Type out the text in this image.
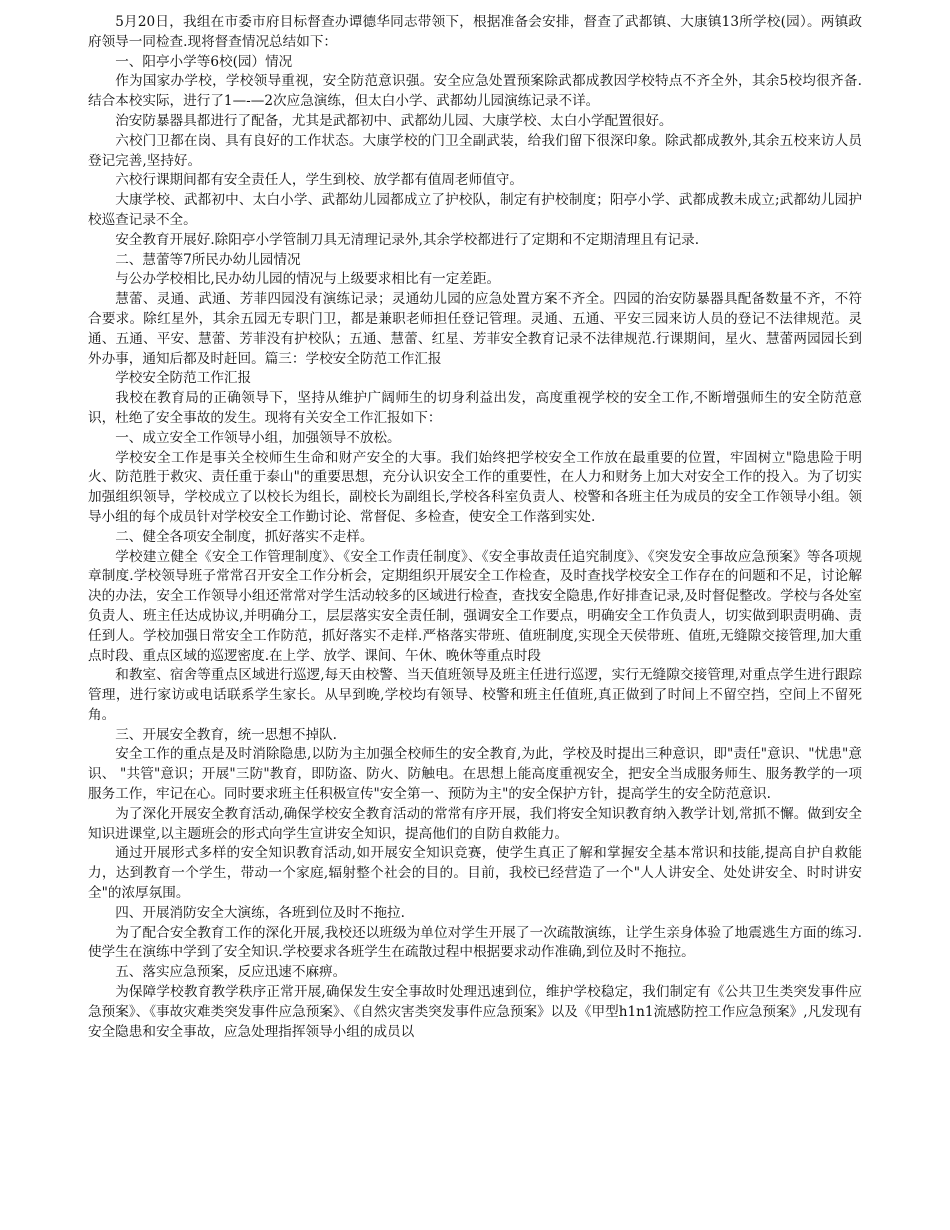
5月20日，我组在市委市府目标督查办谭德华同志带领下，根据准备会安排，督查了武都镇、大康镇13所学校(园）。两镇政府领导一同检查.现将督查情况总结如下：

一、阳亭小学等6校(园）情况

作为国家办学校，学校领导重视，安全防范意识强。安全应急处置预案除武都成教因学校特点不齐全外，其余5校均很齐备.结合本校实际，进行了1—-—2次应急演练，但太白小学、武都幼儿园演练记录不详。

治安防暴器具都进行了配备，尤其是武都初中、武都幼儿园、大康学校、太白小学配置很好。

六校门卫都在岗、具有良好的工作状态。大康学校的门卫全副武装，给我们留下很深印象。除武都成教外,其余五校来访人员登记完善,坚持好。

六校行课期间都有安全责任人，学生到校、放学都有值周老师值守。

大康学校、武都初中、太白小学、武都幼儿园都成立了护校队，制定有护校制度；阳亭小学、武都成教未成立;武都幼儿园护校巡查记录不全。

安全教育开展好.除阳亭小学管制刀具无清理记录外,其余学校都进行了定期和不定期清理且有记录.

二、慧蕾等7所民办幼儿园情况

与公办学校相比,民办幼儿园的情况与上级要求相比有一定差距。

慧蕾、灵通、武通、芳菲四园没有演练记录；灵通幼儿园的应急处置方案不齐全。四园的治安防暴器具配备数量不齐，不符合要求。除红星外，其余五园无专职门卫，都是兼职老师担任登记管理。灵通、五通、平安三园来访人员的登记不法律规范。灵通、五通、平安、慧蕾、芳菲没有护校队；五通、慧蕾、红星、芳菲安全教育记录不法律规范.行课期间，星火、慧蕾两园园长到外办事，通知后都及时赶回。篇三：学校安全防范工作汇报

学校安全防范工作汇报

我校在教育局的正确领导下，坚持从维护广阔师生的切身利益出发，高度重视学校的安全工作,不断增强师生的安全防范意识，杜绝了安全事故的发生。现将有关安全工作汇报如下：

一、成立安全工作领导小组，加强领导不放松。

学校安全工作是事关全校师生生命和财产安全的大事。我们始终把学校安全工作放在最重要的位置，牢固树立"隐患险于明火、防范胜于救灾、责任重于泰山"的重要思想，充分认识安全工作的重要性，在人力和财务上加大对安全工作的投入。为了切实加强组织领导，学校成立了以校长为组长，副校长为副组长,学校各科室负责人、校警和各班主任为成员的安全工作领导小组。领导小组的每个成员针对学校安全工作勤讨论、常督促、多检查，使安全工作落到实处.

二、健全各项安全制度，抓好落实不走样。

学校建立健全《安全工作管理制度》、《安全工作责任制度》、《安全事故责任追究制度》、《突发安全事故应急预案》等各项规章制度.学校领导班子常常召开安全工作分析会，定期组织开展安全工作检查，及时查找学校安全工作存在的问题和不足，讨论解决的办法，安全工作领导小组还常常对学生活动较多的区域进行检查，查找安全隐患,作好排查记录,及时督促整改。学校与各处室负责人、班主任达成协议,并明确分工，层层落实安全责任制，强调安全工作要点，明确安全工作负责人，切实做到职责明确、责任到人。学校加强日常安全工作防范，抓好落实不走样.严格落实带班、值班制度,实现全天侯带班、值班,无缝隙交接管理,加大重点时段、重点区域的巡逻密度.在上学、放学、课间、午休、晚休等重点时段

和教室、宿舍等重点区域进行巡逻,每天由校警、当天值班领导及班主任进行巡逻，实行无缝隙交接管理,对重点学生进行跟踪管理，进行家访或电话联系学生家长。从早到晚,学校均有领导、校警和班主任值班,真正做到了时间上不留空挡，空间上不留死角。

三、开展安全教育，统一思想不掉队.

安全工作的重点是及时消除隐患,以防为主加强全校师生的安全教育,为此，学校及时提出三种意识，即"责任"意识、"忧患"意识、 "共管"意识；开展"三防"教育，即防盗、防火、防触电。在思想上能高度重视安全，把安全当成服务师生、服务教学的一项服务工作，牢记在心。同时要求班主任积极宣传"安全第一、预防为主"的安全保护方针，提高学生的安全防范意识.

为了深化开展安全教育活动,确保学校安全教育活动的常常有序开展，我们将安全知识教育纳入教学计划,常抓不懈。做到安全知识进课堂,以主题班会的形式向学生宣讲安全知识，提高他们的自防自救能力。

通过开展形式多样的安全知识教育活动,如开展安全知识竞赛，使学生真正了解和掌握安全基本常识和技能,提高自护自救能力，达到教育一个学生，带动一个家庭,辐射整个社会的目的。目前，我校已经营造了一个"人人讲安全、处处讲安全、时时讲安全"的浓厚氛围。

四、开展消防安全大演练，各班到位及时不拖拉.

为了配合安全教育工作的深化开展,我校还以班级为单位对学生开展了一次疏散演练，让学生亲身体验了地震逃生方面的练习.使学生在演练中学到了安全知识.学校要求各班学生在疏散过程中根据要求动作准确,到位及时不拖拉。

五、落实应急预案，反应迅速不麻痹。

为保障学校教育教学秩序正常开展,确保发生安全事故时处理迅速到位，维护学校稳定，我们制定有《公共卫生类突发事件应急预案》、《事故灾难类突发事件应急预案》、《自然灾害类突发事件应急预案》以及《甲型h1n1流感防控工作应急预案》,凡发现有安全隐患和安全事故，应急处理指挥领导小组的成员以
